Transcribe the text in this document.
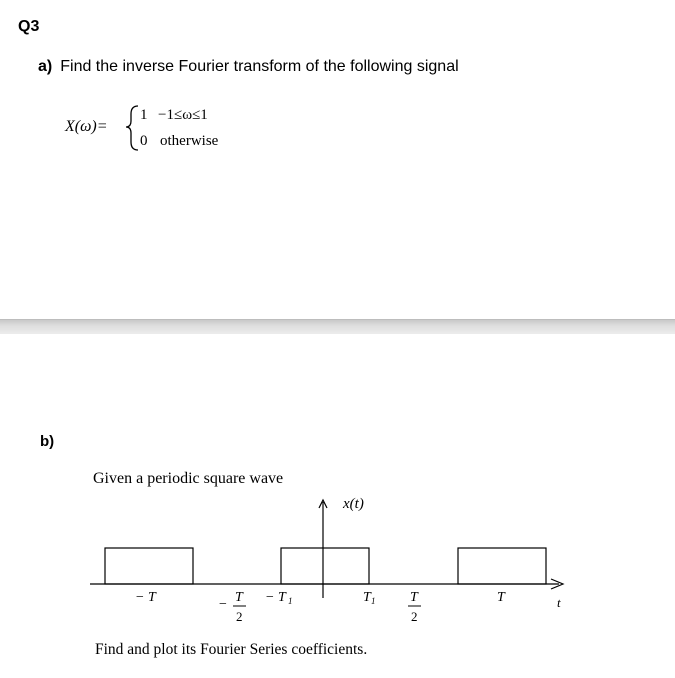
Q3
a) Find the inverse Fourier transform of the following signal
X(ω)=
1 −1≤ω≤1
0 otherwise
b)
Given a periodic square wave
x(t)
t
− T	− T
2
− T 1	T 1 T
2
T
Find and plot its Fourier Series coefficients.
